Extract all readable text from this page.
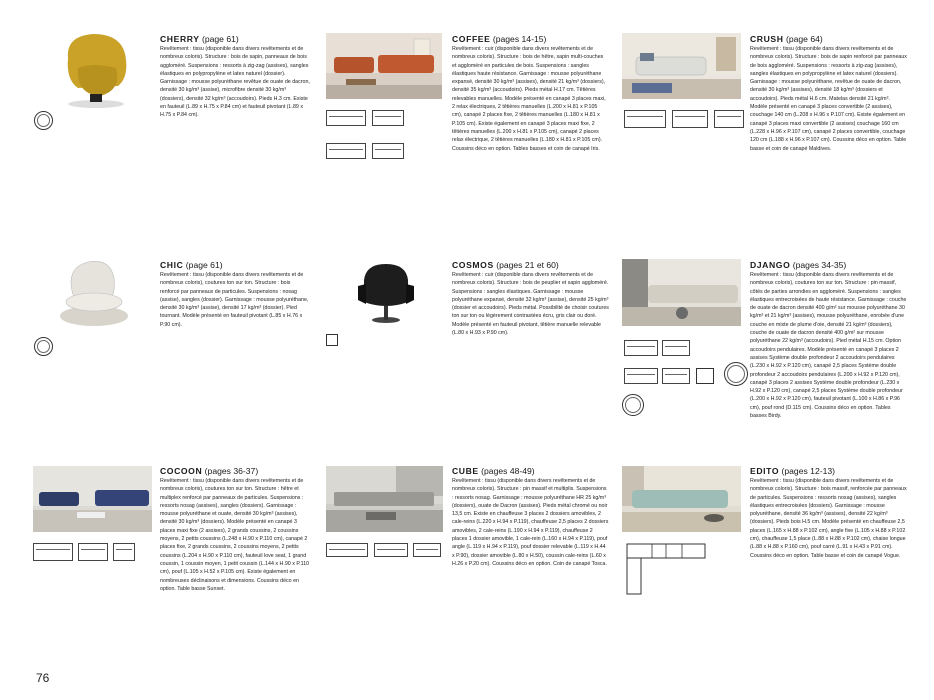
CHERRY (page 61)
Revêtement : tissu (disponible dans divers revêtements et de nombreux coloris). Structure : bois de sapin, panneaux de bois aggloméré. Suspensions : ressorts à zig-zag (assises), sangles élastiques en polypropylène et latex naturel (dossier). Garnissage : mousse polyuréthane revêtue de ouate de dacron, densité 30 kg/m³ (assise), microfibre densité 30 kg/m³ (dossiers), densité 32 kg/m³ (accoudoirs). Pieds H.3 cm. Existe en fauteuil (L.89 x H.75 x P.84 cm) et fauteuil pivotant (L.89 x H.75 x P.84 cm).
COFFEE (pages 14-15)
Revêtement : cuir (disponible dans divers revêtements et de nombreux coloris). Structure : bois de hêtre, sapin multi-couches et aggloméré en particules de bois. Suspensions : sangles élastiques haute résistance. Garnissage : mousse polyuréthane expansé, densité 30 kg/m³ (assises), densité 21 kg/m³ (dossiers), densité 35 kg/m³ (accoudoirs). Pieds métal H.17 cm. Têtières relevables manuelles. Modèle présenté en canapé 3 places maxi, 2 relax électriques, 2 têtières manuelles (L.200 x H.81 x P.105 cm), canapé 2 places fixe, 2 têtières manuelles (L.180 x H.81 x P.105 cm). Existe également en canapé 3 places maxi fixe, 2 têtières manuelles (L.200 x H.81 x P.105 cm), canapé 2 places relax électrique, 2 têtières manuelles (L.180 x H.81 x P.105 cm). Coussins déco en option. Tables basses et coin de canapé Iris.
CRUSH (page 64)
Revêtement : tissu (disponible dans divers revêtements et de nombreux coloris). Structure : bois de sapin renforcé par panneaux de bois aggloméré. Suspensions : ressorts à zig-zag (assises), sangles élastiques en polypropylène et latex naturel (dossiers). Garnissage : mousse polyuréthane, revêtue de ouate de dacron, densité 30 kg/m³ (assises), densité 18 kg/m³ (dossiers et accoudoirs). Pieds métal H.6 cm. Matelas densité 21 kg/m³. Modèle présenté en canapé 3 places convertible (2 assises), couchage 140 cm (L.208 x H.96 x P.107 cm). Existe également en canapé 3 places maxi convertible (2 assises) couchage 160 cm (L.228 x H.96 x P.107 cm), canapé 2 places convertible, couchage 120 cm (L.188 x H.96 x P.107 cm). Coussins déco en option. Table basse et coin de canapé Maldives.
CHIC (page 61)
Revêtement : tissu (disponible dans divers revêtements et de nombreux coloris), coutures ton sur ton. Structure : bois renforcé par panneaux de particules. Suspensions : nosag (assise), sangles (dossier). Garnissage : mousse polyuréthane, densité 30 kg/m³ (assise), densité 17 kg/m³ (dossier). Pied tournant. Modèle présenté en fauteuil pivotant (L.85 x H.76 x P.90 cm).
COSMOS (pages 21 et 60)
Revêtement : cuir (disponible dans divers revêtements et de nombreux coloris). Structure : bois de peuplier et sapin aggloméré. Suspensions : sangles élastiques. Garnissage : mousse polyuréthane expansé, densité 32 kg/m³ (assise), densité 25 kg/m³ (dossier et accoudoirs). Pieds métal. Possibilité de choisir coutures ton sur ton ou légèrement contrastées écru, gris clair ou doré. Modèle présenté en fauteuil pivotant, têtière manuelle relevable (L.80 x H.93 x P.90 cm).
DJANGO (pages 34-35)
Revêtement : tissu (disponible dans divers revêtements et de nombreux coloris), coutures ton sur ton. Structure : pin massif, côtés de parties arrondies en aggloméré. Suspensions : sangles élastiques entrecroisées de haute résistance. Garnissage : couche de ouate de dacron densité 400 g/m² sur mousse polyuréthane 30 kg/m³ et 21 kg/m³ (assises), mousse polyuréthane, enrobée d'une couche en mixte de plume d'oie, densité 21 kg/m³ (dossiers), couche de ouate de dacron densité 400 g/m² sur mousse polyuréthane 22 kg/m³ (accoudoirs). Pied métal H.15 cm. Option accoudoirs pendulaires. Modèle présenté en canapé 3 places 2 assises Système double profondeur 2 accoudoirs pendulaires (L.230 x H.92 x P.120 cm), canapé 2,5 places Système double profondeur 2 accoudoirs pendulaires (L.200 x H.92 x P.120 cm), canapé 3 places 2 assises Système double profondeur (L.230 x H.92 x P.120 cm), canapé 2,5 places Système double profondeur (L.200 x H.92 x P.120 cm), fauteuil pivotant (L.100 x H.86 x P.96 cm), pouf rond (D.115 cm). Coussins déco en option. Tables basses Birdy.
COCOON (pages 36-37)
Revêtement : tissu (disponible dans divers revêtements et de nombreux coloris), coutures ton sur ton. Structure : hêtre et multiplex renforcé par panneaux de particules. Suspensions : ressorts nosag (assises), sangles (dossiers). Garnissage : mousse polyuréthane et ouate, densité 30 kg/m³ (assises), densité 30 kg/m³ (dossiers). Modèle présenté en canapé 3 places maxi fixe (2 assises), 2 grands coussins, 2 coussins moyens, 2 petits coussins (L.248 x H.90 x P.110 cm), canapé 2 places fixe, 2 grands coussins, 2 coussins moyens, 2 petits coussins (L.204 x H.90 x P.110 cm), fauteuil love seat, 1 grand coussin, 1 coussin moyen, 1 petit coussin (L.144 x H.90 x P.110 cm), pouf (L.105 x H.52 x P.105 cm). Existe également en nombreuses déclinaisons et dimensions. Coussins déco en option. Table basse Sunset.
CUBE (pages 48-49)
Revêtement : tissu (disponible dans divers revêtements et de nombreux coloris). Structure : pin massif et multiplis. Suspensions : ressorts nosag. Garnissage : mousse polyuréthane HR 25 kg/m³ (dossiers), ouate de Dacron (assises). Pieds métal chromé ou noir 13,5 cm. Existe en chauffeuse 3 places 2 dossiers amovibles, 2 cale-reins (L.220 x H.94 x P.119), chauffeuse 2,5 places 2 dossiers amovibles, 2 cale-reins (L.190 x H.94 x P.119), chauffeuse 2 places 1 dossier amovible, 1 cale-rein (L.160 x H.94 x P.119), pouf angle (L.119 x H.94 x P.119), pouf dossier relevable (L.119 x H.44 x P.90), dossier amovible (L.80 x H.50), coussin cale-reins (L.60 x H.26 x P.20 cm). Coussins déco en option. Coin de canapé Tosca.
EDITO (pages 12-13)
Revêtement : tissu (disponible dans divers revêtements et de nombreux coloris). Structure : bois massif, renforcée par panneaux de particules. Suspensions : ressorts nosag (assises), sangles élastiques entrecroisées (dossiers). Garnissage : mousse polyuréthane, densité 36 kg/m³ (assises), densité 22 kg/m³ (dossiers). Pieds bois H.5 cm. Modèle présenté en chauffeuse 2,5 places (L.165 x H.88 x P.102 cm), angle fixe (L.105 x H.88 x P.102 cm), chauffeuse 1,5 place (L.88 x H.88 x P.102 cm), chaise longue (L.88 x H.88 x P.160 cm), pouf carré (L.91 x H.43 x P.91 cm). Coussins déco en option. Table basse et coin de canapé Vogue.
76
